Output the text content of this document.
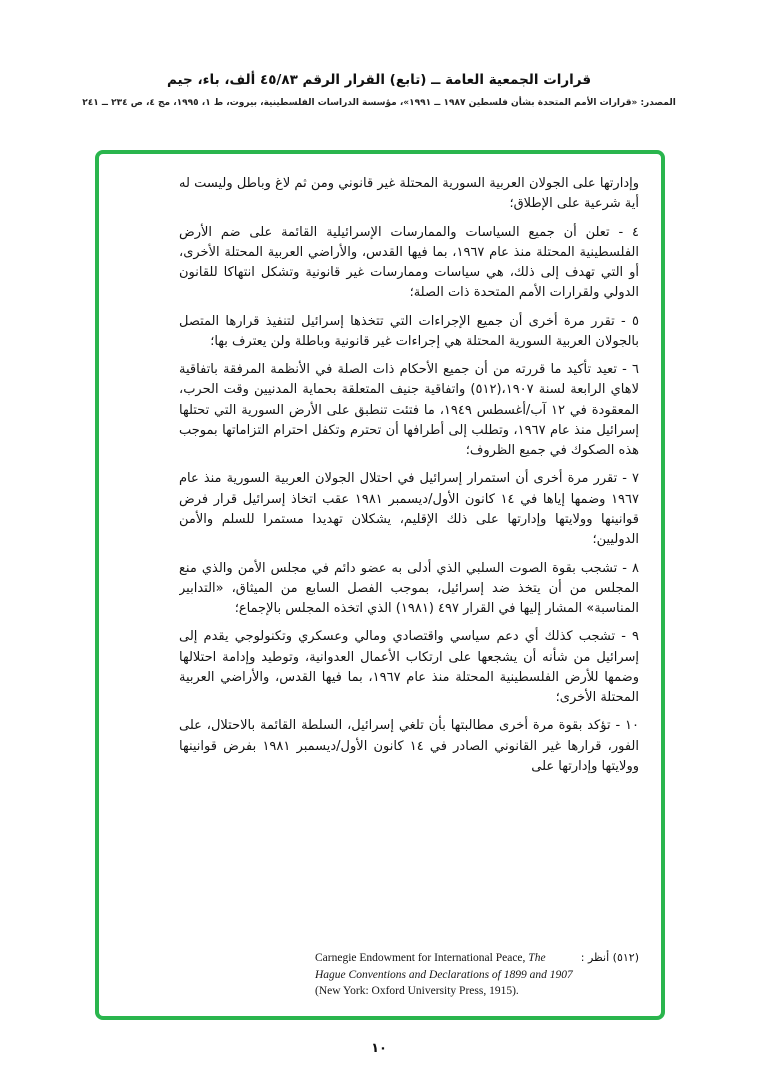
قرارات الجمعية العامة ــ (تابع) القرار الرقم ٤٥/٨٣ ألف، باء، جيم
المصدر: «قرارات الأمم المتحدة بشأن فلسطين ١٩٨٧ ــ ١٩٩١»، مؤسسة الدراسات الفلسطينية، بيروت، ط ١، ١٩٩٥، مج ٤، ص ٢٣٤ ــ ٢٤١

وإدارتها على الجولان العربية السورية المحتلة غير قانوني ومن ثم لاغ وباطل وليست له أية شرعية على الإطلاق؛

٤ - تعلن أن جميع السياسات والممارسات الإسرائيلية القائمة على ضم الأرض الفلسطينية المحتلة منذ عام ١٩٦٧، بما فيها القدس، والأراضي العربية المحتلة الأخرى، أو التي تهدف إلى ذلك، هي سياسات وممارسات غير قانونية وتشكل انتهاكا للقانون الدولي ولقرارات الأمم المتحدة ذات الصلة؛

٥ - تقرر مرة أخرى أن جميع الإجراءات التي تتخذها إسرائيل لتنفيذ قرارها المتصل بالجولان العربية السورية المحتلة هي إجراءات غير قانونية وباطلة ولن يعترف بها؛

٦ - تعيد تأكيد ما قررته من أن جميع الأحكام ذات الصلة في الأنظمة المرفقة باتفاقية لاهاي الرابعة لسنة ١٩٠٧،(٥١٢) واتفاقية جنيف المتعلقة بحماية المدنيين وقت الحرب، المعقودة في ١٢ آب/أغسطس ١٩٤٩، ما فتئت تنطبق على الأرض السورية التي تحتلها إسرائيل منذ عام ١٩٦٧، وتطلب إلى أطرافها أن تحترم وتكفل احترام التزاماتها بموجب هذه الصكوك في جميع الظروف؛

٧ - تقرر مرة أخرى أن استمرار إسرائيل في احتلال الجولان العربية السورية منذ عام ١٩٦٧ وضمها إياها في ١٤ كانون الأول/ديسمبر ١٩٨١ عقب اتخاذ إسرائيل قرار فرض قوانينها وولايتها وإدارتها على ذلك الإقليم، يشكلان تهديدا مستمرا للسلم والأمن الدوليين؛

٨ - تشجب بقوة الصوت السلبي الذي أدلى به عضو دائم في مجلس الأمن والذي منع المجلس من أن يتخذ ضد إسرائيل، بموجب الفصل السابع من الميثاق، «التدابير المناسبة» المشار إليها في القرار ٤٩٧ (١٩٨١) الذي اتخذه المجلس بالإجماع؛

٩ - تشجب كذلك أي دعم سياسي واقتصادي ومالي وعسكري وتكنولوجي يقدم إلى إسرائيل من شأنه أن يشجعها على ارتكاب الأعمال العدوانية، وتوطيد وإدامة احتلالها وضمها للأرض الفلسطينية المحتلة منذ عام ١٩٦٧، بما فيها القدس، والأراضي العربية المحتلة الأخرى؛

١٠ - تؤكد بقوة مرة أخرى مطالبتها بأن تلغي إسرائيل، السلطة القائمة بالاحتلال، على الفور، قرارها غير القانوني الصادر في ١٤ كانون الأول/ديسمبر ١٩٨١ بفرض قوانينها وولايتها وإدارتها على

(٥١٢) أنظر :
Carnegie Endowment for International Peace, The
Hague Conventions and Declarations of 1899 and 1907
(New York: Oxford University Press, 1915).
١٠
